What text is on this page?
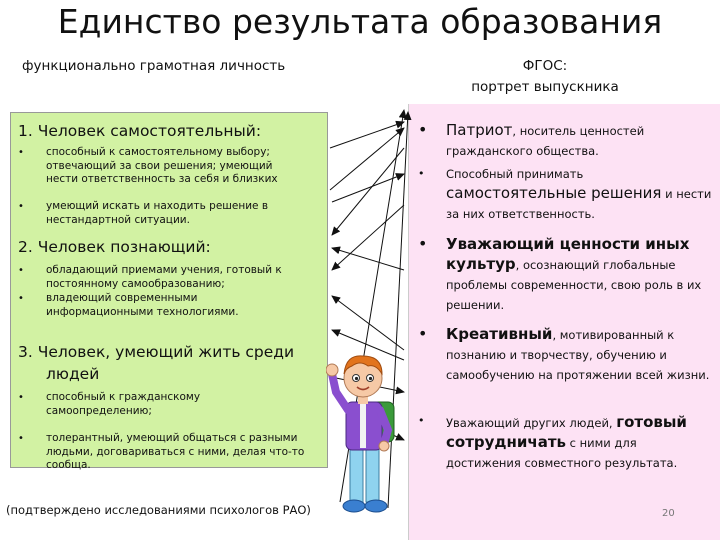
Единство результата образования
функционально грамотная личность	ФГОС:
портрет выпускника
1. Человек самостоятельный:
• способный к самостоятельному выбору; отвечающий за свои решения; умеющий нести ответственность за себя и близких
• умеющий искать и находить решение в нестандартной ситуации.
2. Человек познающий:
• обладающий приемами учения, готовый к постоянному самообразованию;
• владеющий современными информационными технологиями.
3. Человек, умеющий жить среди
людей
• способный к гражданскому самоопределению;
• толерантный, умеющий общаться с разными людьми, договариваться с ними, делая что-то сообща.
• Патриот, носитель ценностей гражданского общества.
• Способный принимать
самостоятельные решения и нести за них ответственность.
• Уважающий ценности иных
культур, осознающий глобальные проблемы современности, свою роль в их решении.
• Креативный, мотивированный к познанию и творчеству, обучению и самообучению на протяжении всей жизни.
• Уважающий других людей, готовый
сотрудничать с ними для достижения совместного результата.
(подтверждено исследованиями психологов РАО)	20
